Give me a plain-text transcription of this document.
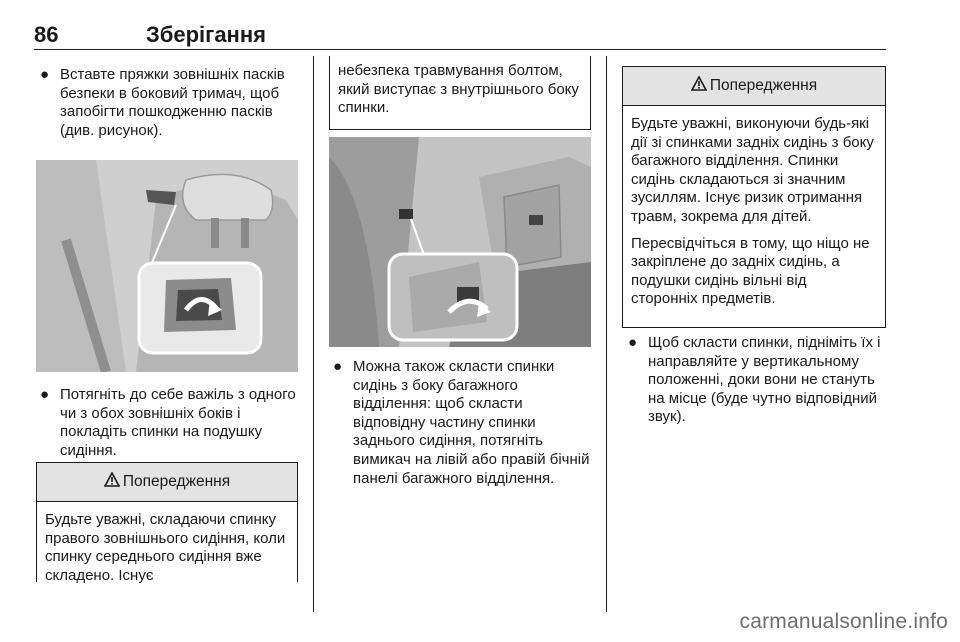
86	Зберігання
● Вставте пряжки зовнішніх паскiв безпеки в боковий тримач, щоб запобігти пошкодженню пасків (див. рисунок).
● Потягніть до себе важіль з одного чи з обох зовнішніх боків і покладіть спинки на подушку сидіння.
Попередження
Будьте уважні, складаючи спинку правого зовнішнього сидіння, коли спинку середнього сидіння вже складено. Існує
небезпека травмування болтом, який виступає з внутрішнього боку спинки.
● Можна також скласти спинки сидінь з боку багажного відділення: щоб скласти відповідну частину спинки заднього сидіння, потягніть вимикач на лівій або правій бічній панелі багажного відділення.
Попередження

Будьте уважні, виконуючи будь-які дії зі спинками задніх сидінь з боку багажного відділення. Спинки сидінь складаються зі значним зусиллям. Існує ризик отримання травм, зокрема для дітей.

Пересвідчіться в тому, що ніщо не закріплене до задніх сидінь, а подушки сидінь вільні від сторонніх предметів.

● Щоб скласти спинки, підніміть їх і направляйте у вертикальному положенні, доки вони не стануть на місце (буде чутно відповідний звук).
carmanualsonline.info
